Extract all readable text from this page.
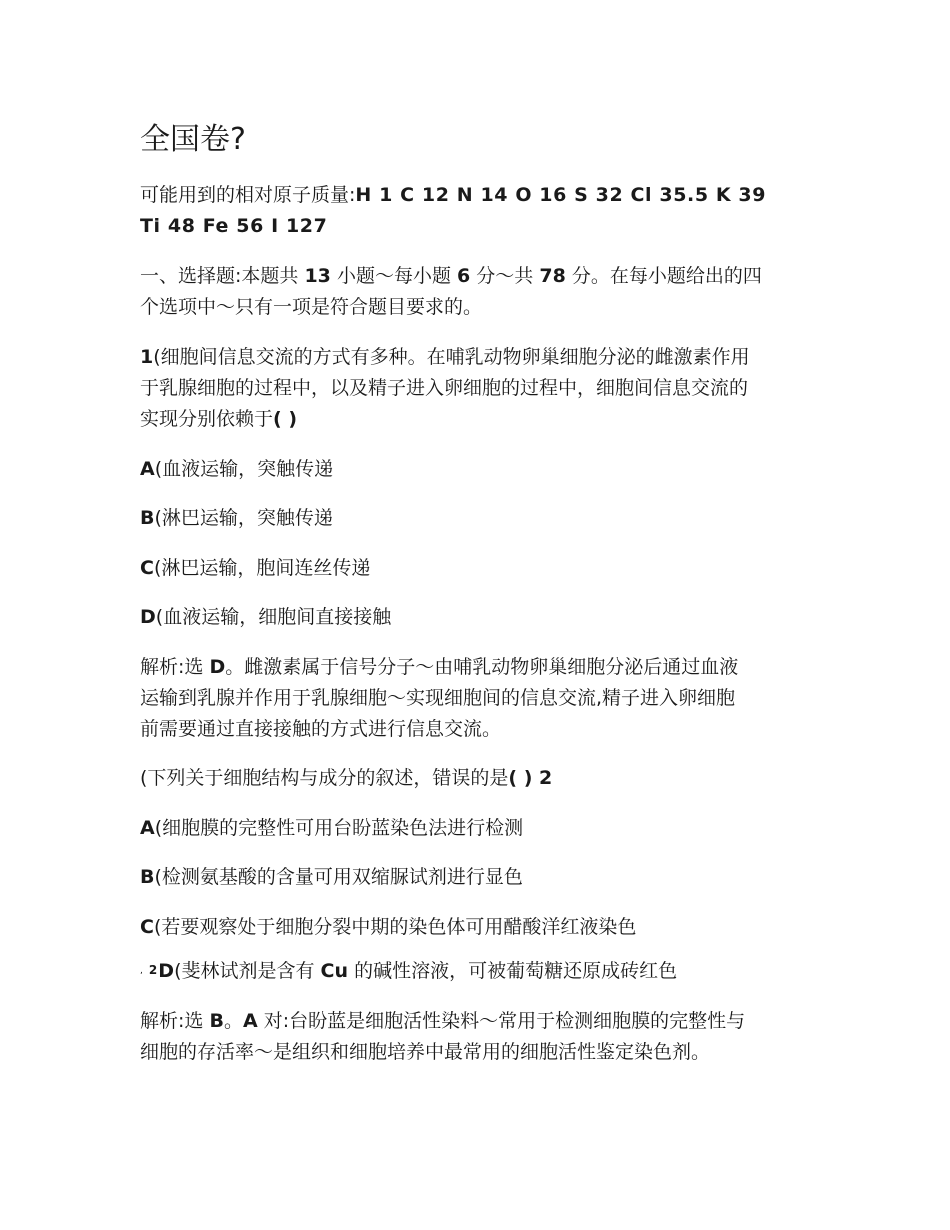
全国卷?
可能用到的相对原子质量:H 1 C 12 N 14 O 16 S 32 Cl 35.5 K 39
Ti 48 Fe 56 I 127
一、选择题:本题共 13 小题～每小题 6 分～共 78 分。在每小题给出的四
个选项中～只有一项是符合题目要求的。
1(细胞间信息交流的方式有多种。在哺乳动物卵巢细胞分泌的雌激素作用
于乳腺细胞的过程中，以及精子进入卵细胞的过程中，细胞间信息交流的
实现分别依赖于( )
A(血液运输，突触传递
B(淋巴运输，突触传递
C(淋巴运输，胞间连丝传递
D(血液运输，细胞间直接接触
解析:选 D。雌激素属于信号分子～由哺乳动物卵巢细胞分泌后通过血液
运输到乳腺并作用于乳腺细胞～实现细胞间的信息交流,精子进入卵细胞
前需要通过直接接触的方式进行信息交流。
(下列关于细胞结构与成分的叙述，错误的是( ) 2
A(细胞膜的完整性可用台盼蓝染色法进行检测
B(检测氨基酸的含量可用双缩脲试剂进行显色
C(若要观察处于细胞分裂中期的染色体可用醋酸洋红液染色
, 2D(斐林试剂是含有 Cu 的碱性溶液，可被葡萄糖还原成砖红色
解析:选 B。A 对:台盼蓝是细胞活性染料～常用于检测细胞膜的完整性与
细胞的存活率～是组织和细胞培养中最常用的细胞活性鉴定染色剂。
